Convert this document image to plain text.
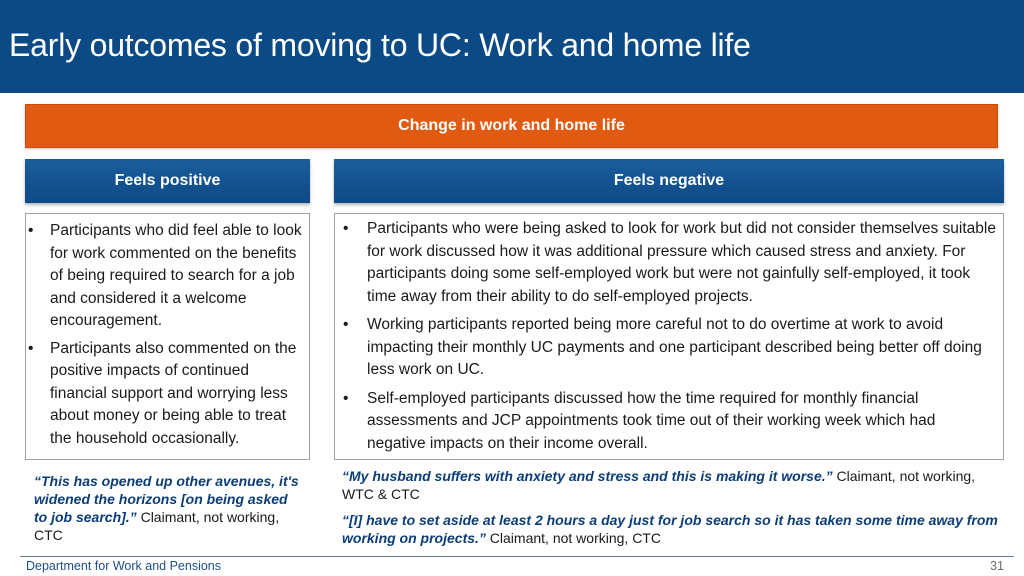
Early outcomes of moving to UC: Work and home life
Change in work and home life
Feels positive	Feels negative
• Participants who did feel able to look for work commented on the benefits of being required to search for a job and considered it a welcome encouragement.
• Participants also commented on the positive impacts of continued financial support and worrying less about money or being able to treat the household occasionally.
• Participants who were being asked to look for work but did not consider themselves suitable for work discussed how it was additional pressure which caused stress and anxiety. For participants doing some self-employed work but were not gainfully self-employed, it took time away from their ability to do self-employed projects.
• Working participants reported being more careful not to do overtime at work to avoid impacting their monthly UC payments and one participant described being better off doing less work on UC.
• Self-employed participants discussed how the time required for monthly financial assessments and JCP appointments took time out of their working week which had negative impacts on their income overall.
“This has opened up other avenues, it's widened the horizons [on being asked to job search].” Claimant, not working, CTC
“My husband suffers with anxiety and stress and this is making it worse.” Claimant, not working, WTC & CTC
“[I] have to set aside at least 2 hours a day just for job search so it has taken some time away from working on projects.” Claimant, not working, CTC
Department for Work and Pensions	31
